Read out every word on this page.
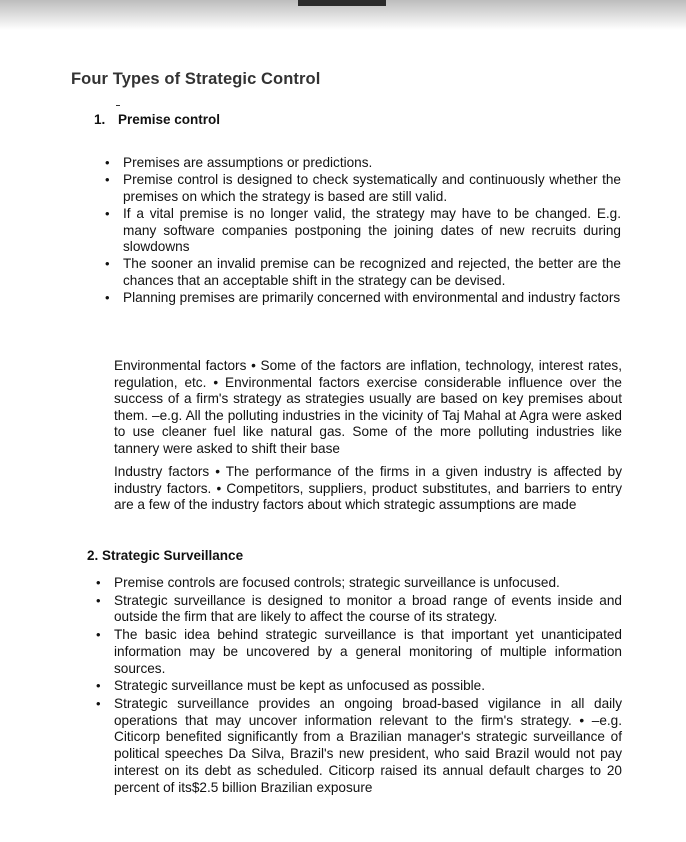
Four Types of Strategic Control
1. Premise control
• Premises are assumptions or predictions.
• Premise control is designed to check systematically and continuously whether the premises on which the strategy is based are still valid.
• If a vital premise is no longer valid, the strategy may have to be changed. E.g. many software companies postponing the joining dates of new recruits during slowdowns
• The sooner an invalid premise can be recognized and rejected, the better are the chances that an acceptable shift in the strategy can be devised.
• Planning premises are primarily concerned with environmental and industry factors

Environmental factors • Some of the factors are inflation, technology, interest rates, regulation, etc. • Environmental factors exercise considerable influence over the success of a firm's strategy as strategies usually are based on key premises about them. –e.g. All the polluting industries in the vicinity of Taj Mahal at Agra were asked to use cleaner fuel like natural gas. Some of the more polluting industries like tannery were asked to shift their base

Industry factors • The performance of the firms in a given industry is affected by industry factors. • Competitors, suppliers, product substitutes, and barriers to entry are a few of the industry factors about which strategic assumptions are made

2. Strategic Surveillance
• Premise controls are focused controls; strategic surveillance is unfocused.
• Strategic surveillance is designed to monitor a broad range of events inside and outside the firm that are likely to affect the course of its strategy.
• The basic idea behind strategic surveillance is that important yet unanticipated information may be uncovered by a general monitoring of multiple information sources.
• Strategic surveillance must be kept as unfocused as possible.
• Strategic surveillance provides an ongoing broad-based vigilance in all daily operations that may uncover information relevant to the firm's strategy. • –e.g. Citicorp benefited significantly from a Brazilian manager's strategic surveillance of political speeches Da Silva, Brazil's new president, who said Brazil would not pay interest on its debt as scheduled. Citicorp raised its annual default charges to 20 percent of its$2.5 billion Brazilian exposure
